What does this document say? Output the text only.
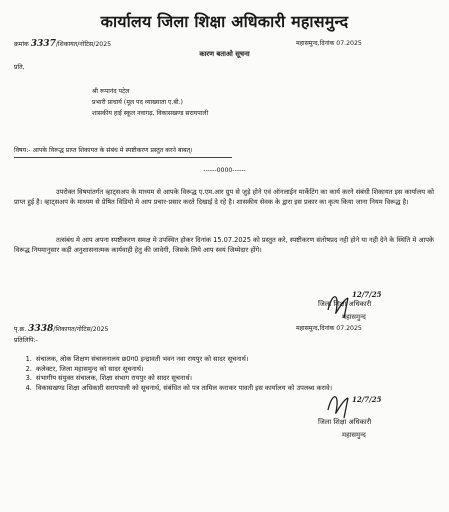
कार्यालय जिला शिक्षा अधिकारी महासमुन्द
क्रमांक 3337/शिकायत/नोटिस/2025	महासमुन्द,दिनांक 07.2025
कारण बताओ सूचना
प्रति,
श्री रूपानंद पटेल
प्रभारी प्राचार्य (मूल पद व्याख्याता ए.बी.)
शासकीय हाई स्कूल नवागढ़, विकासखण्ड सरायपाली
विषय:- आपके विरूद्ध प्राप्त शिकायत के संबंध मे स्पष्टीकरण प्रस्तुत करने बाबत्।
------0000------
उपरोक्त विषयांतर्गत व्हाट्सअप के माध्यम से आपके विरूद्ध ए.एम.आर ग्रुप से जुड़े होने एवं ऑनलाईन मार्केटिंग का कार्य करने संबंधी शिकायत इस कार्यालय को प्राप्त हुई है। व्हाट्सअप के माध्यम से प्रेषित विडियो मे आप प्रचार-प्रसार करते दिखाई दे रहे है। शासकीय सेवक के द्वारा इस प्रकार का कृत्य किया जाना नियम विरूद्ध है।
तत्संबंध मे आप अपना स्पष्टीकरण समक्ष मे उपस्थित होकर दिनांक 15.07.2025 को प्रस्तुत करे, स्पष्टीकरण संतोषप्रद नही होने या नही देने के स्थिति मे आपके विरूद्ध नियमानुसार कड़ी अनुशासनात्मक कार्यवाही हेतु की जावेगी, जिसके लिये आप स्वयं जिम्मेदार होंगे।
12/7/25
जिला शिक्षा अधिकारी
महासमुन्द
पृ.क्र. 3338/शिकायत/नोटिस/2025	महासमुन्द,दिनांक 07.2025
प्रतिलिपि:-
1. संचालक, लोक शिक्षण संचालनालय छ0ग0 इन्द्रावती भवन नवा रायपुर को सादर सूचनार्थ।
2. कलेक्टर, जिला महासमुन्द को सादर सूचनार्थ।
3. संभागीय संयुक्त संचालक, शिक्षा संभाग रायपुर को सादर सूचनार्थ।
4. विकासखण्ड शिक्षा अधिकारी सरायपाली को सूचनार्थ, संबंधित को पत्र तामिल कराकर पावती इस कार्यालय को उपलब्ध करावे।
12/7/25
जिला शिक्षा अधिकारी
महासमुन्द
